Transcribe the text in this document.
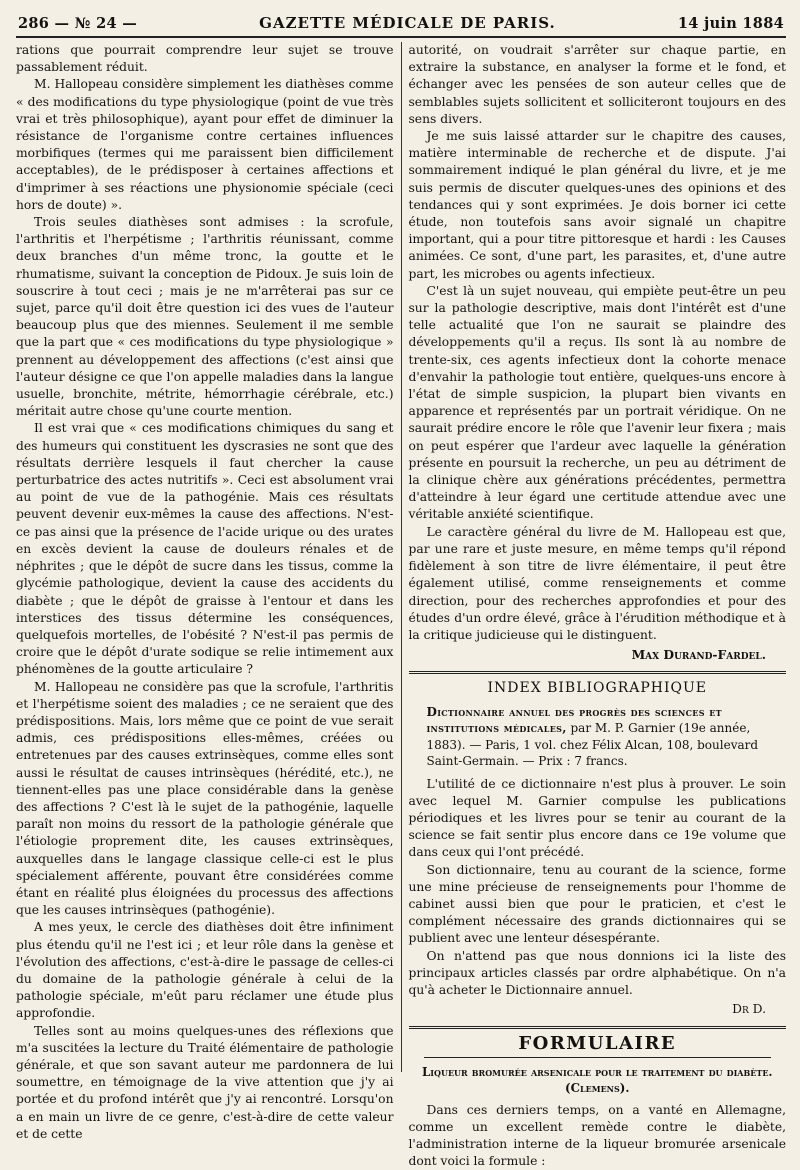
286 — № 24 —	GAZETTE MÉDICALE DE PARIS.	14 juin 1884

rations que pourrait comprendre leur sujet se trouve passablement réduit.

M. Hallopeau considère simplement les diathèses comme « des modifications du type physiologique (point de vue très vrai et très philosophique), ayant pour effet de diminuer la résistance de l'organisme contre certaines influences morbifiques (termes qui me paraissent bien difficilement acceptables), de le prédisposer à certaines affections et d'imprimer à ses réactions une physionomie spéciale (ceci hors de doute) ».

Trois seules diathèses sont admises : la scrofule, l'arthritis et l'herpétisme ; l'arthritis réunissant, comme deux branches d'un même tronc, la goutte et le rhumatisme, suivant la conception de Pidoux. Je suis loin de souscrire à tout ceci ; mais je ne m'arrêterai pas sur ce sujet, parce qu'il doit être question ici des vues de l'auteur beaucoup plus que des miennes. Seulement il me semble que la part que « ces modifications du type physiologique » prennent au développement des affections (c'est ainsi que l'auteur désigne ce que l'on appelle maladies dans la langue usuelle, bronchite, métrite, hémorrhagie cérébrale, etc.) méritait autre chose qu'une courte mention.

Il est vrai que « ces modifications chimiques du sang et des humeurs qui constituent les dyscrasies ne sont que des résultats derrière lesquels il faut chercher la cause perturbatrice des actes nutritifs ». Ceci est absolument vrai au point de vue de la pathogénie. Mais ces résultats peuvent devenir eux-mêmes la cause des affections. N'est-ce pas ainsi que la présence de l'acide urique ou des urates en excès devient la cause de douleurs rénales et de néphrites ; que le dépôt de sucre dans les tissus, comme la glycémie pathologique, devient la cause des accidents du diabète ; que le dépôt de graisse à l'entour et dans les interstices des tissus détermine les conséquences, quelquefois mortelles, de l'obésité ? N'est-il pas permis de croire que le dépôt d'urate sodique se relie intimement aux phénomènes de la goutte articulaire ?

M. Hallopeau ne considère pas que la scrofule, l'arthritis et l'herpétisme soient des maladies ; ce ne seraient que des prédispositions. Mais, lors même que ce point de vue serait admis, ces prédispositions elles-mêmes, créées ou entretenues par des causes extrinsèques, comme elles sont aussi le résultat de causes intrinsèques (hérédité, etc.), ne tiennent-elles pas une place considérable dans la genèse des affections ? C'est là le sujet de la pathogénie, laquelle paraît non moins du ressort de la pathologie générale que l'étiologie proprement dite, les causes extrinsèques, auxquelles dans le langage classique celle-ci est le plus spécialement afférente, pouvant être considérées comme étant en réalité plus éloignées du processus des affections que les causes intrinsèques (pathogénie).

A mes yeux, le cercle des diathèses doit être infiniment plus étendu qu'il ne l'est ici ; et leur rôle dans la genèse et l'évolution des affections, c'est-à-dire le passage de celles-ci du domaine de la pathologie générale à celui de la pathologie spéciale, m'eût paru réclamer une étude plus approfondie.

Telles sont au moins quelques-unes des réflexions que m'a suscitées la lecture du Traité élémentaire de pathologie générale, et que son savant auteur me pardonnera de lui soumettre, en témoignage de la vive attention que j'y ai portée et du profond intérêt que j'y ai rencontré. Lorsqu'on a en main un livre de ce genre, c'est-à-dire de cette valeur et de cette

autorité, on voudrait s'arrêter sur chaque partie, en extraire la substance, en analyser la forme et le fond, et échanger avec les pensées de son auteur celles que de semblables sujets sollicitent et solliciteront toujours en des sens divers.

Je me suis laissé attarder sur le chapitre des causes, matière interminable de recherche et de dispute. J'ai sommairement indiqué le plan général du livre, et je me suis permis de discuter quelques-unes des opinions et des tendances qui y sont exprimées. Je dois borner ici cette étude, non toutefois sans avoir signalé un chapitre important, qui a pour titre pittoresque et hardi : les Causes animées. Ce sont, d'une part, les parasites, et, d'une autre part, les microbes ou agents infectieux.

C'est là un sujet nouveau, qui empiète peut-être un peu sur la pathologie descriptive, mais dont l'intérêt est d'une telle actualité que l'on ne saurait se plaindre des développements qu'il a reçus. Ils sont là au nombre de trente-six, ces agents infectieux dont la cohorte menace d'envahir la pathologie tout entière, quelques-uns encore à l'état de simple suspicion, la plupart bien vivants en apparence et représentés par un portrait véridique. On ne saurait prédire encore le rôle que l'avenir leur fixera ; mais on peut espérer que l'ardeur avec laquelle la génération présente en poursuit la recherche, un peu au détriment de la clinique chère aux générations précédentes, permettra d'atteindre à leur égard une certitude attendue avec une véritable anxiété scientifique.

Le caractère général du livre de M. Hallopeau est que, par une rare et juste mesure, en même temps qu'il répond fidèlement à son titre de livre élémentaire, il peut être également utilisé, comme renseignements et comme direction, pour des recherches approfondies et pour des études d'un ordre élevé, grâce à l'érudition méthodique et à la critique judicieuse qui le distinguent.

Max Durand-Fardel.
INDEX BIBLIOGRAPHIQUE
Dictionnaire annuel des progrès des sciences et institutions médicales, par M. P. Garnier (19e année, 1883). — Paris, 1 vol. chez Félix Alcan, 108, boulevard Saint-Germain. — Prix : 7 francs.

L'utilité de ce dictionnaire n'est plus à prouver. Le soin avec lequel M. Garnier compulse les publications périodiques et les livres pour se tenir au courant de la science se fait sentir plus encore dans ce 19e volume que dans ceux qui l'ont précédé.

Son dictionnaire, tenu au courant de la science, forme une mine précieuse de renseignements pour l'homme de cabinet aussi bien que pour le praticien, et c'est le complément nécessaire des grands dictionnaires qui se publient avec une lenteur désespérante.

On n'attend pas que nous donnions ici la liste des principaux articles classés par ordre alphabétique. On n'a qu'à acheter le Dictionnaire annuel.

Dr D.
FORMULAIRE
Liqueur bromurée arsenicale pour le traitement du diabète. (Clemens).

Dans ces derniers temps, on a vanté en Allemagne, comme un excellent remède contre le diabète, l'administration interne de la liqueur bromurée arsenicale dont voici la formule :
